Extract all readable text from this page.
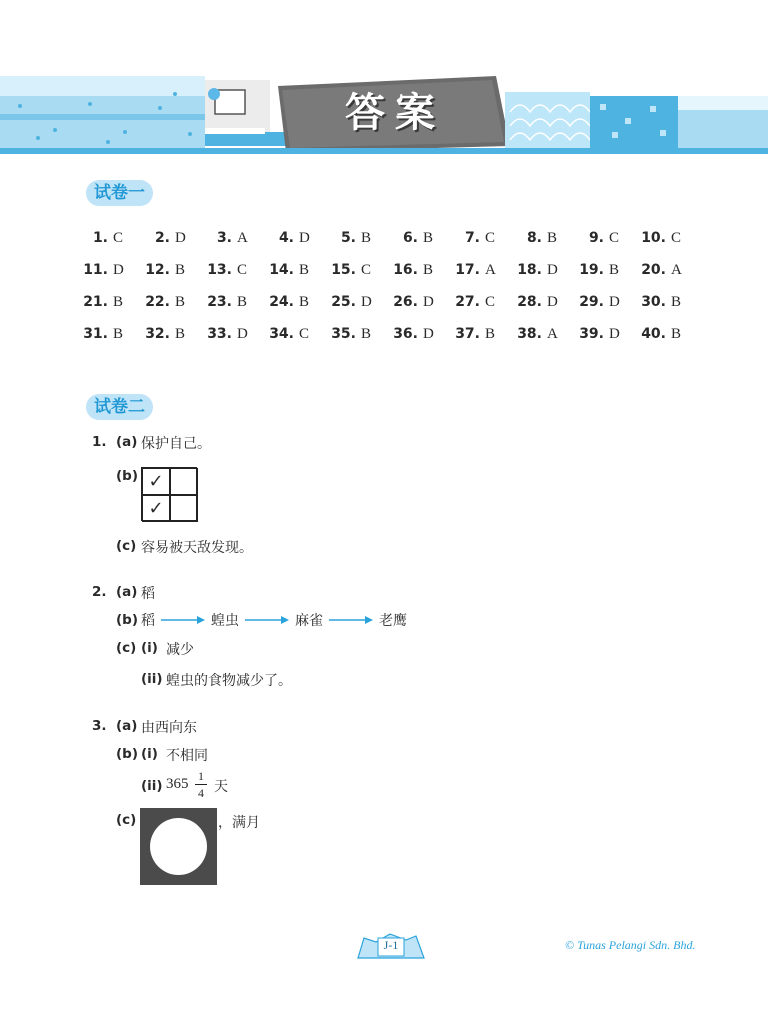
答案
试卷一
1. C	2. D	3. A	4. D	5. B	6. B	7. C	8. B	9. C	10. C
11. D	12. B	13. C	14. B	15. C	16. B	17. A	18. D	19. B	20. A
21. B	22. B	23. B	24. B	25. D	26. D	27. C	28. D	29. D	30. B
31. B	32. B	33. D	34. C	35. B	36. D	37. B	38. A	39. D	40. B
试卷二
1. (a) 保护自己。
(b) ✓
✓
(c) 容易被天敌发现。
2. (a) 稻
(b) 稻	蝗虫	麻雀	老鹰
(c) (i) 减少
(ii) 蝗虫的食物减少了。
3. (a) 由西向东
(b) (i) 不相同
(ii) 365 1
4 天
(c)	，满月
J-1	© Tunas Pelangi Sdn. Bhd.
